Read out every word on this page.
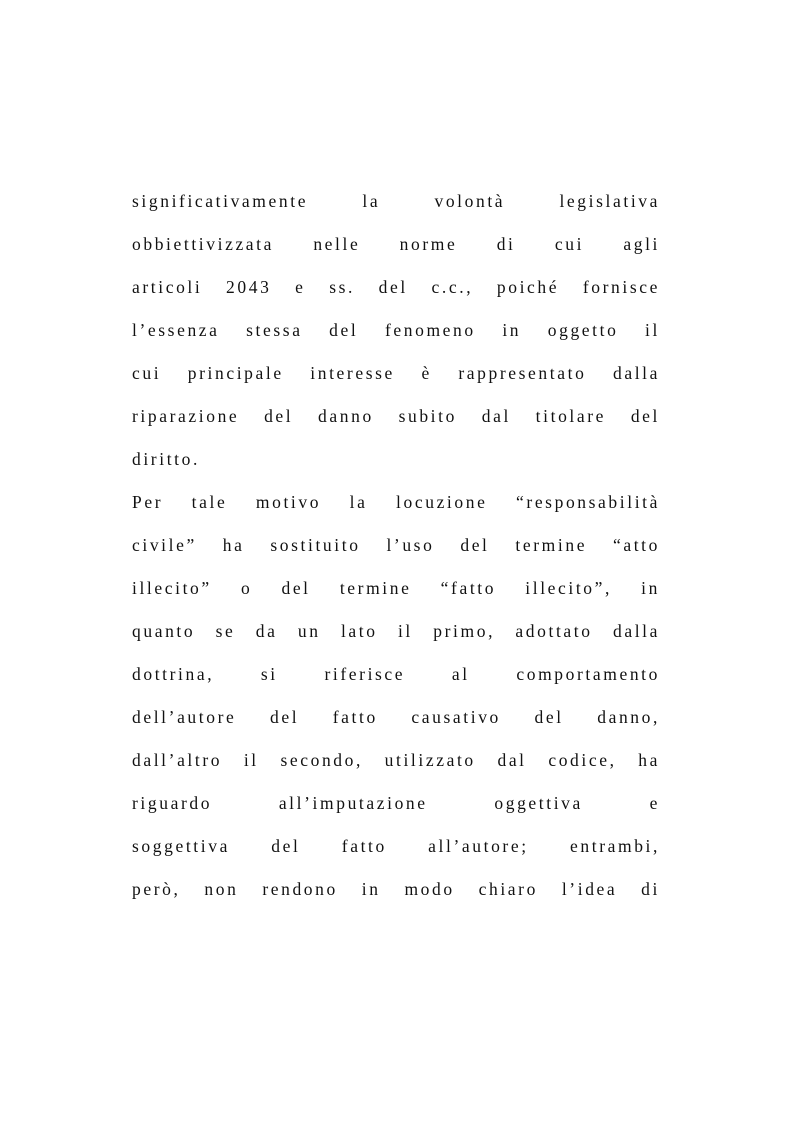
significativamente la volontà legislativa
obbiettivizzata nelle norme di cui agli
articoli 2043 e ss. del c.c., poiché fornisce
l’essenza stessa del fenomeno in oggetto il
cui principale interesse è rappresentato dalla
riparazione del danno subito dal titolare del
diritto.
Per tale motivo la locuzione “responsabilità
civile” ha sostituito l’uso del termine “atto
illecito” o del termine “fatto illecito”, in
quanto se da un lato il primo, adottato dalla
dottrina, si riferisce al comportamento
dell’autore del fatto causativo del danno,
dall’altro il secondo, utilizzato dal codice, ha
riguardo all’imputazione oggettiva e
soggettiva del fatto all’autore; entrambi,
però, non rendono in modo chiaro l’idea di
